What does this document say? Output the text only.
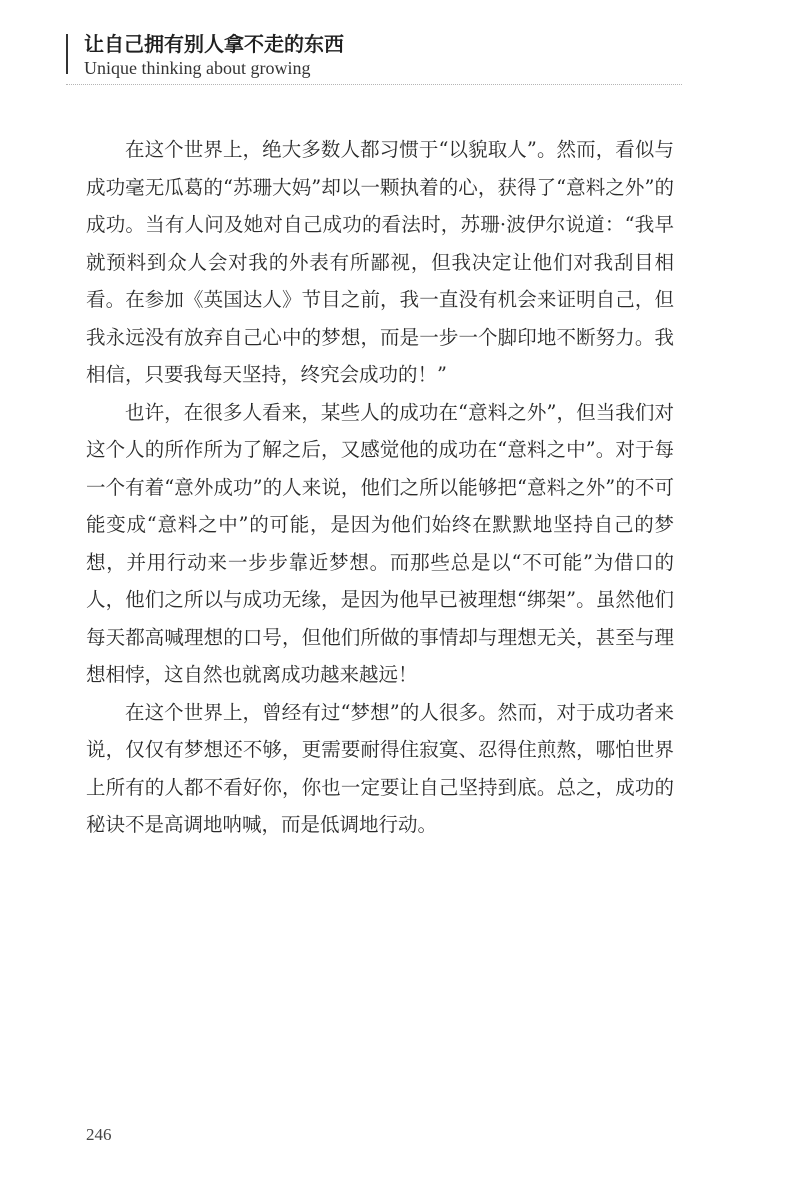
让自己拥有别人拿不走的东西
Unique thinking about growing

在这个世界上，绝大多数人都习惯于“以貌取人”。然而，看似与成功毫无瓜葛的“苏珊大妈”却以一颗执着的心，获得了“意料之外”的成功。当有人问及她对自己成功的看法时，苏珊·波伊尔说道：“我早就预料到众人会对我的外表有所鄙视，但我决定让他们对我刮目相看。在参加《英国达人》节目之前，我一直没有机会来证明自己，但我永远没有放弃自己心中的梦想，而是一步一个脚印地不断努力。我相信，只要我每天坚持，终究会成功的！”

也许，在很多人看来，某些人的成功在“意料之外”，但当我们对这个人的所作所为了解之后，又感觉他的成功在“意料之中”。对于每一个有着“意外成功”的人来说，他们之所以能够把“意料之外”的不可能变成“意料之中”的可能，是因为他们始终在默默地坚持自己的梦想，并用行动来一步步靠近梦想。而那些总是以“不可能”为借口的人，他们之所以与成功无缘，是因为他早已被理想“绑架”。虽然他们每天都高喊理想的口号，但他们所做的事情却与理想无关，甚至与理想相悖，这自然也就离成功越来越远！

在这个世界上，曾经有过“梦想”的人很多。然而，对于成功者来说，仅仅有梦想还不够，更需要耐得住寂寞、忍得住煎熬，哪怕世界上所有的人都不看好你，你也一定要让自己坚持到底。总之，成功的秘诀不是高调地呐喊，而是低调地行动。

246
